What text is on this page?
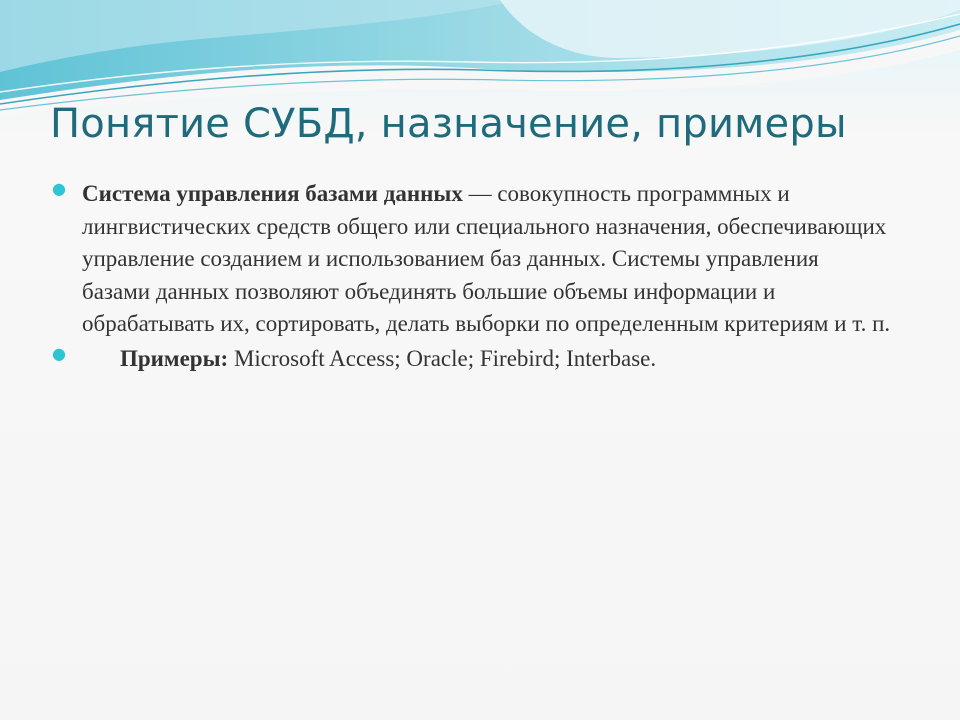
Понятие СУБД, назначение, примеры
● Система управления базами данных — совокупность программных и лингвистических средств общего или специального назначения, обеспечивающих управление созданием и использованием баз данных. Системы управления базами данных позволяют объединять большие объемы информации и обрабатывать их, сортировать, делать выборки по определенным критериям и т. п.
● Примеры: Microsoft Access; Oracle; Firebird; Interbase.
